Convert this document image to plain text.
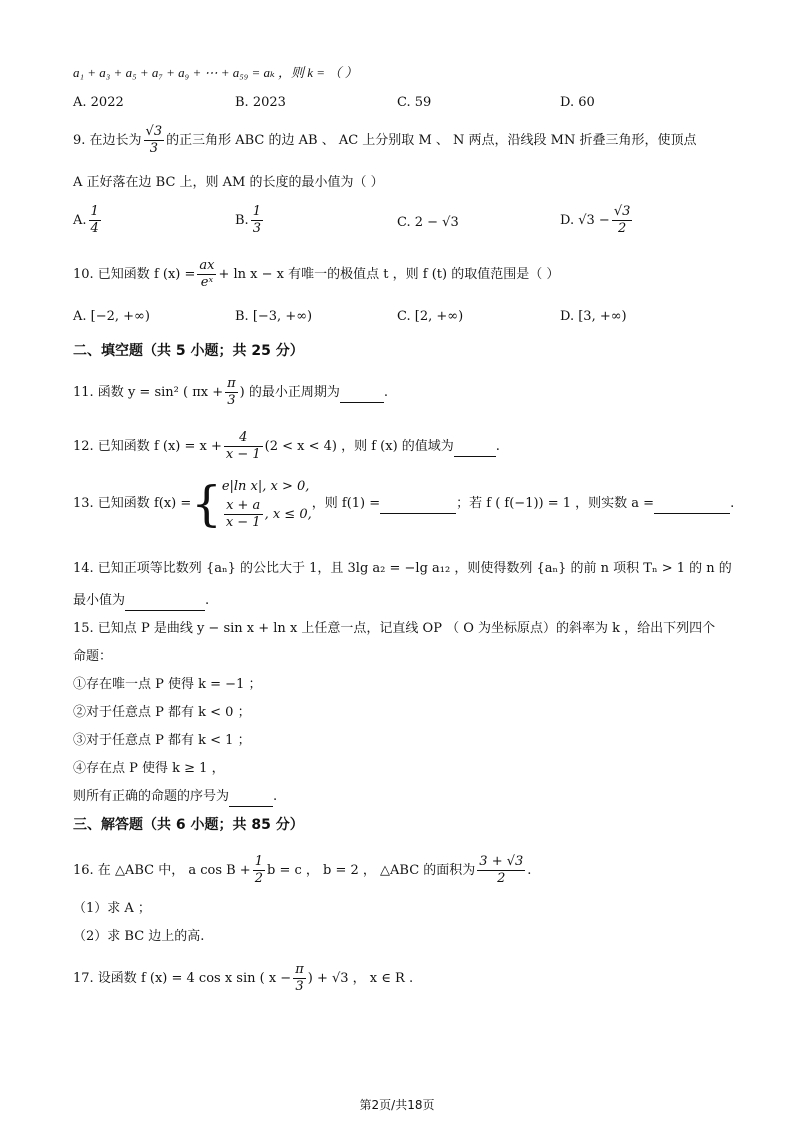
a₁ + a₃ + a₅ + a₇ + a₉ + ⋯ + a₅₉ = aₖ ，则 k = （ ）
A. 2022	B. 2023	C. 59	D. 60
9. 在边长为 $\frac{√3}{3}$ 的正三角形 ABC 的边 AB 、 AC 上分别取 M 、 N 两点，沿线段 MN 折叠三角形，使顶点
A 正好落在边 BC 上，则 AM 的长度的最小值为（ ）
A. $\frac{1}{4}$	B. $\frac{1}{3}$	C. 2 − √3	D. $√3 - \frac{√3}{2}$
10. 已知函数 f $(x) = \frac{ax}{\text{eˣ}} + \ln x - x$ 有唯一的极值点 t ，则 f (t) 的取值范围是（ ）
A. [−2, +∞)	B. [−3, +∞)	C. [2, +∞)	D. [3, +∞)
二、填空题（共 5 小题；共 25 分）
11. 函数 y = sin² ( $\pi x + \frac{\pi}{3}$ ) 的最小正周期为	.
12. 已知函数 f $(x) = x + \frac{4}{x - 1} (2 < x < 4)$ ，则 f (x) 的值域为	.
13. 已知函数 f(x) ={ e|ln x|, x > 0,
$\frac{x + a}{x - 1}$ , x ≤ 0,
，则 f(1) =	；若 f ( f(−1)) = 1 ，则实数 a =	.
14. 已知正项等比数列 {aₙ} 的公比大于 1，且 3lg a₂ = −lg a₁₂ ，则使得数列 {aₙ} 的前 n 项积 Tₙ > 1 的 n 的
最小值为	.
15. 已知点 P 是曲线 y − sin x + ln x 上任意一点，记直线 OP （ O 为坐标原点）的斜率为 k ，给出下列四个
命题：
①存在唯一点 P 使得 k = −1 ；
②对于任意点 P 都有 k < 0 ；
③对于任意点 P 都有 k < 1 ；
④存在点 P 使得 k ≥ 1 ，
则所有正确的命题的序号为	.
三、解答题（共 6 小题；共 85 分）
16. 在 △ABC 中， a $\cos B + \frac{1}{2}$ b = c ， b = 2 ， △ABC 的面积为 $\frac{3 + √3}{2}$ .
（1）求 A ；
（2）求 BC 边上的高.
17. 设函数 f (x) = 4 cos x sin ( $x - \frac{\pi}{3}$ ) + √3 ， x ∈ R .
第2页/共18页
